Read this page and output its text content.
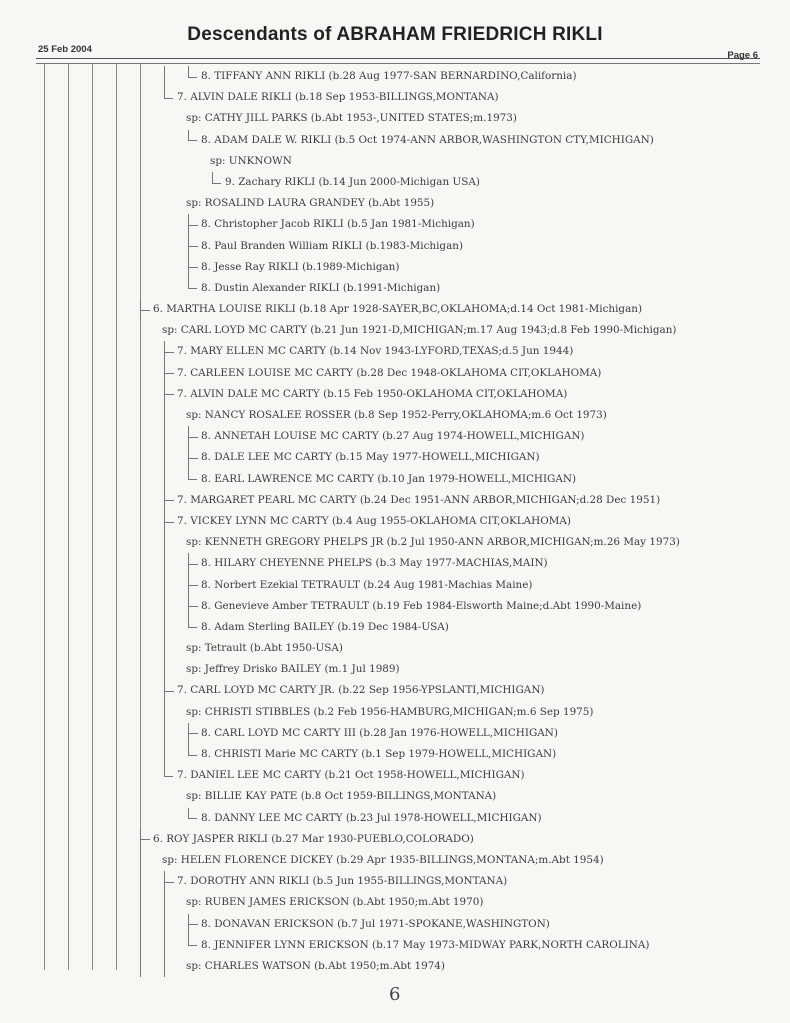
Descendants of ABRAHAM FRIEDRICH RIKLI
25 Feb 2004
Page 6
8. TIFFANY ANN RIKLI (b.28 Aug 1977-SAN BERNARDINO,California)
7. ALVIN DALE RIKLI (b.18 Sep 1953-BILLINGS,MONTANA)
sp: CATHY JILL PARKS (b.Abt 1953-,UNITED STATES;m.1973)
8. ADAM DALE W. RIKLI (b.5 Oct 1974-ANN ARBOR,WASHINGTON CTY,MICHIGAN)
sp: UNKNOWN
9. Zachary RIKLI (b.14 Jun 2000-Michigan USA)
sp: ROSALIND LAURA GRANDEY (b.Abt 1955)
8. Christopher Jacob RIKLI (b.5 Jan 1981-Michigan)
8. Paul Branden William RIKLI (b.1983-Michigan)
8. Jesse Ray RIKLI (b.1989-Michigan)
8. Dustin Alexander RIKLI (b.1991-Michigan)
6. MARTHA LOUISE RIKLI (b.18 Apr 1928-SAYER,BC,OKLAHOMA;d.14 Oct 1981-Michigan)
sp: CARL LOYD MC CARTY (b.21 Jun 1921-D,MICHIGAN;m.17 Aug 1943;d.8 Feb 1990-Michigan)
7. MARY ELLEN MC CARTY (b.14 Nov 1943-LYFORD,TEXAS;d.5 Jun 1944)
7. CARLEEN LOUISE MC CARTY (b.28 Dec 1948-OKLAHOMA CIT,OKLAHOMA)
7. ALVIN DALE MC CARTY (b.15 Feb 1950-OKLAHOMA CIT,OKLAHOMA)
sp: NANCY ROSALEE ROSSER (b.8 Sep 1952-Perry,OKLAHOMA;m.6 Oct 1973)
8. ANNETAH LOUISE MC CARTY (b.27 Aug 1974-HOWELL,MICHIGAN)
8. DALE LEE MC CARTY (b.15 May 1977-HOWELL,MICHIGAN)
8. EARL LAWRENCE MC CARTY (b.10 Jan 1979-HOWELL,MICHIGAN)
7. MARGARET PEARL MC CARTY (b.24 Dec 1951-ANN ARBOR,MICHIGAN;d.28 Dec 1951)
7. VICKEY LYNN MC CARTY (b.4 Aug 1955-OKLAHOMA CIT,OKLAHOMA)
sp: KENNETH GREGORY PHELPS JR (b.2 Jul 1950-ANN ARBOR,MICHIGAN;m.26 May 1973)
8. HILARY CHEYENNE PHELPS (b.3 May 1977-MACHIAS,MAIN)
8. Norbert Ezekial TETRAULT (b.24 Aug 1981-Machias Maine)
8. Genevieve Amber TETRAULT (b.19 Feb 1984-Elsworth Maine;d.Abt 1990-Maine)
8. Adam Sterling BAILEY (b.19 Dec 1984-USA)
sp: Tetrault (b.Abt 1950-USA)
sp: Jeffrey Drisko BAILEY (m.1 Jul 1989)
7. CARL LOYD MC CARTY JR. (b.22 Sep 1956-YPSLANTI,MICHIGAN)
sp: CHRISTI STIBBLES (b.2 Feb 1956-HAMBURG,MICHIGAN;m.6 Sep 1975)
8. CARL LOYD MC CARTY III (b.28 Jan 1976-HOWELL,MICHIGAN)
8. CHRISTI Marie MC CARTY (b.1 Sep 1979-HOWELL,MICHIGAN)
7. DANIEL LEE MC CARTY (b.21 Oct 1958-HOWELL,MICHIGAN)
sp: BILLIE KAY PATE (b.8 Oct 1959-BILLINGS,MONTANA)
8. DANNY LEE MC CARTY (b.23 Jul 1978-HOWELL,MICHIGAN)
6. ROY JASPER RIKLI (b.27 Mar 1930-PUEBLO,COLORADO)
sp: HELEN FLORENCE DICKEY (b.29 Apr 1935-BILLINGS,MONTANA;m.Abt 1954)
7. DOROTHY ANN RIKLI (b.5 Jun 1955-BILLINGS,MONTANA)
sp: RUBEN JAMES ERICKSON (b.Abt 1950;m.Abt 1970)
8. DONAVAN ERICKSON (b.7 Jul 1971-SPOKANE,WASHINGTON)
8. JENNIFER LYNN ERICKSON (b.17 May 1973-MIDWAY PARK,NORTH CAROLINA)
sp: CHARLES WATSON (b.Abt 1950;m.Abt 1974)
6
